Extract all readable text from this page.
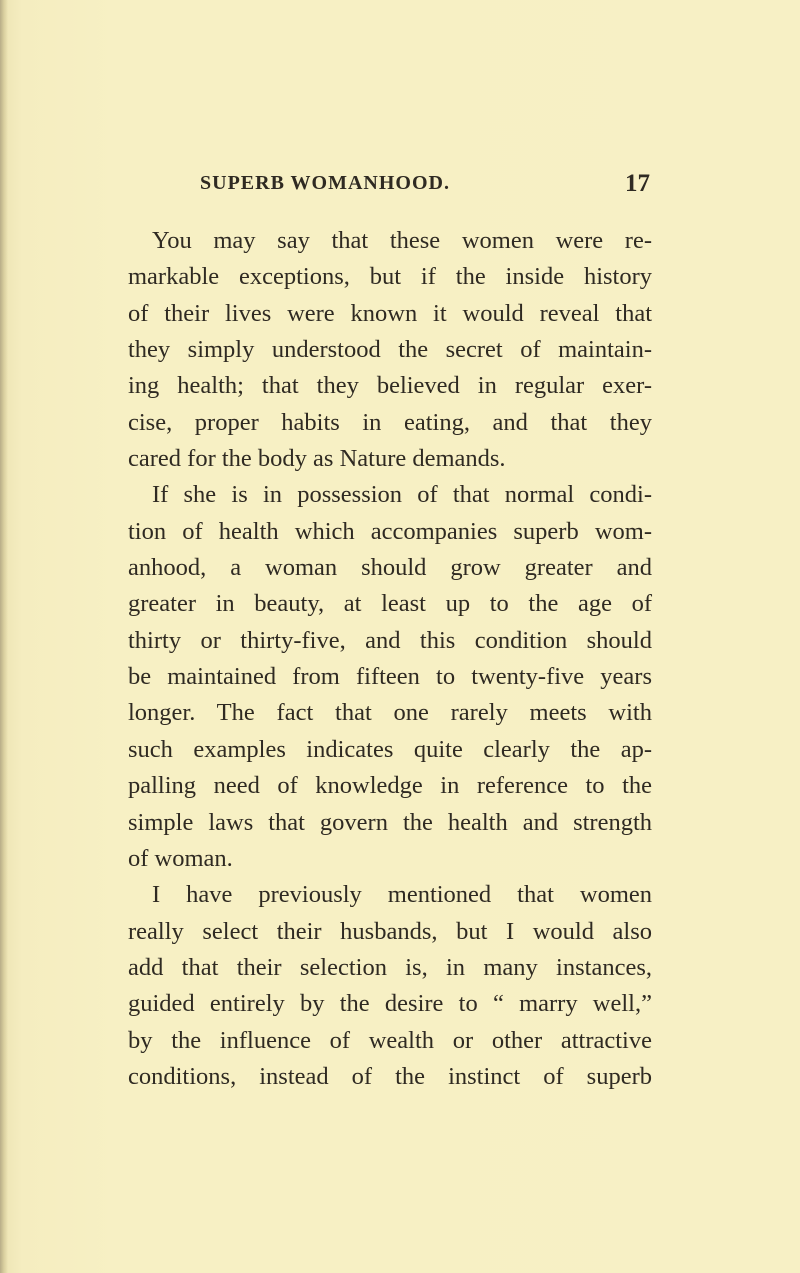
SUPERB WOMANHOOD.	17
You may say that these women were re-
markable exceptions, but if the inside history
of their lives were known it would reveal that
they simply understood the secret of maintain-
ing health; that they believed in regular exer-
cise, proper habits in eating, and that they
cared for the body as Nature demands.
If she is in possession of that normal condi-
tion of health which accompanies superb wom-
anhood, a woman should grow greater and
greater in beauty, at least up to the age of
thirty or thirty-five, and this condition should
be maintained from fifteen to twenty-five years
longer. The fact that one rarely meets with
such examples indicates quite clearly the ap-
palling need of knowledge in reference to the
simple laws that govern the health and strength
of woman.
I have previously mentioned that women
really select their husbands, but I would also
add that their selection is, in many instances,
guided entirely by the desire to “ marry well,”
by the influence of wealth or other attractive
conditions, instead of the instinct of superb
